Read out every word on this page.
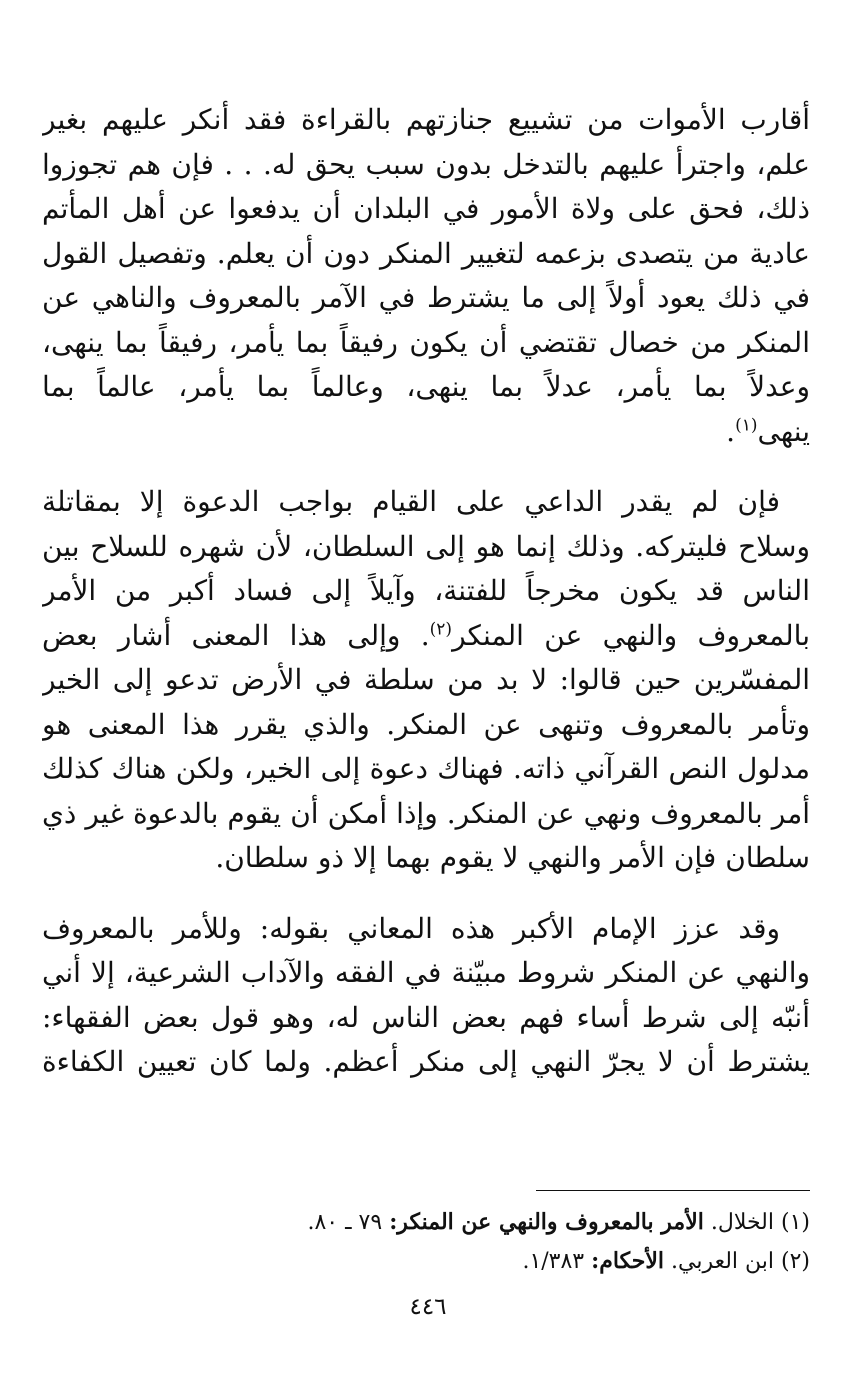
أقارب الأموات من تشييع جنازتهم بالقراءة فقد أنكر عليهم بغير
علم، واجترأ عليهم بالتدخل بدون سبب يحق له. . . فإن هم تجوزوا
ذلك، فحق على ولاة الأمور في البلدان أن يدفعوا عن أهل المأتم
عادية من يتصدى بزعمه لتغيير المنكر دون أن يعلم. وتفصيل القول
في ذلك يعود أولاً إلى ما يشترط في الآمر بالمعروف والناهي عن
المنكر من خصال تقتضي أن يكون رفيقاً بما يأمر، رفيقاً بما ينهى،
وعدلاً بما يأمر، عدلاً بما ينهى، وعالماً بما يأمر، عالماً بما
ينهى$^{(١)}$.
فإن لم يقدر الداعي على القيام بواجب الدعوة إلا بمقاتلة
وسلاح فليتركه. وذلك إنما هو إلى السلطان، لأن شهره للسلاح بين
الناس قد يكون مخرجاً للفتنة، وآيلاً إلى فساد أكبر من الأمر
بالمعروف والنهي عن المنكر$^{(٢)}$. وإلى هذا المعنى أشار بعض
المفسّرين حين قالوا: لا بد من سلطة في الأرض تدعو إلى الخير
وتأمر بالمعروف وتنهى عن المنكر. والذي يقرر هذا المعنى هو
مدلول النص القرآني ذاته. فهناك دعوة إلى الخير، ولكن هناك كذلك
أمر بالمعروف ونهي عن المنكر. وإذا أمكن أن يقوم بالدعوة غير ذي
سلطان فإن الأمر والنهي لا يقوم بهما إلا ذو سلطان.
وقد عزز الإمام الأكبر هذه المعاني بقوله: وللأمر بالمعروف
والنهي عن المنكر شروط مبيّنة في الفقه والآداب الشرعية، إلا أني
أنبّه إلى شرط أساء فهم بعض الناس له، وهو قول بعض الفقهاء:
يشترط أن لا يجرّ النهي إلى منكر أعظم. ولما كان تعيين الكفاءة
(١) الخلال. الأمر بالمعروف والنهي عن المنكر: ٧٩ ـ ٨٠.
(٢) ابن العربي. الأحكام: ١/٣٨٣.
٤٤٦
